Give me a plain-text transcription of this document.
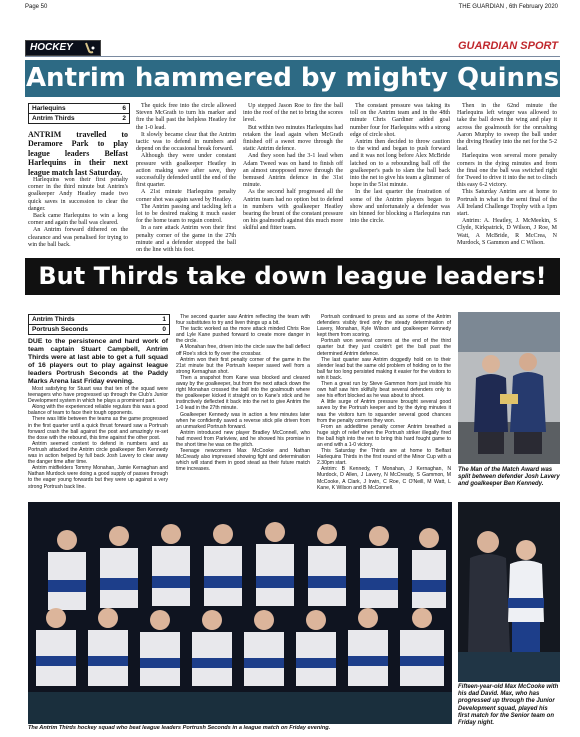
Page 50	THE GUARDIAN , 6th February 2020
HOCKEY	GUARDIAN SPORT
Antrim hammered by mighty Quinns
Harlequins	6
Antrim Thirds	2

ANTRIM travelled to Deramore Park to play league leaders Belfast Harlequins in their next league match last Saturday.

Harlequins won their first penalty corner in the third minute but Antrim's goalkeeper Andy Heatley made two quick saves in succession to clear the danger.

Back came Harlequins to win a long corner and again the ball was cleared.

An Antrim forward dithered on the clearance and was penalised for trying to win the ball back.

The quick free into the circle allowed Steven McGrath to turn his marker and fire the ball past the helpless Heatley for the 1-0 lead.

It slowly became clear that the Antrim tactic was to defend in numbers and depend on the occasional break forward.

Although they were under constant pressure with goalkeeper Heatley in action making save after save, they successfully defended until the end of the first quarter.

A 21st minute Harlequins penalty corner shot was again saved by Heatley.

The Antrim passing and tackling left a lot to be desired making it much easier for the home team to regain control.

In a rare attack Antrim won their first penalty corner of the game in the 27th minute and a defender stopped the ball on the line with his foot.

Up stepped Jason Roe to fire the ball into the roof of the net to bring the scores level.

But within two minutes Harlequins had retaken the lead again when McGrath finished off a sweet move through the static Antrim defence.

And they soon had the 3-1 lead when Adam Tweed was on hand to finish off an almost unopposed move through the bemused Antrim defence in the 31st minute.

As the second half progressed all the Antrim team had no option but to defend in numbers with goalkeeper Heatley bearing the brunt of the constant pressure on his goalmouth against this much more skilful and fitter team.

The constant pressure was taking its toll on the Antrim team and in the 48th minute Chris Gardiner added goal number four for Harlequins with a strong edge of circle shot.

Antrim then decided to throw caution to the wind and began to push forward and it was not long before Alex McBride latched on to a rebounding ball off the goalkeeper's pads to slam the ball back into the net to give his team a glimmer of hope in the 51st minute.

In the last quarter the frustration of some of the Antrim players began to show and unfortunately a defender was sin binned for blocking a Harlequins run into the circle.

Then in the 62nd minute the Harlequins left winger was allowed to take the ball down the wing and play it across the goalmouth for the onrushing Aaron Murphy to sweep the ball under the diving Heatley into the net for the 5-2 lead.

Harlequins won several more penalty corners in the dying minutes and from the final one the ball was switched right for Tweed to drive it into the net to clinch this easy 6-2 victory.

This Saturday Antrim are at home to Portrush in what is the semi final of the All Ireland Challenge Trophy with a 1pm start.

Antrim: A. Heatley, J. McMeekin, S Clyde, Kirkpatrick, D Wilson, J Roe, M Watt, A McBride, R McCrea, N Murdock, S Gammon and C Wilson.

But Thirds take down league leaders!
Antrim Thirds	1
Portrush Seconds	0

DUE to the persistence and hard work of team captain Stuart Campbell, Antrim Thirds were at last able to get a full squad of 16 players out to play against league leaders Portrush Seconds at the Paddy Marks Arena last Friday evening.

Most satisfying for Stuart was that ten of the squad were teenagers who have progressed up through the Club's Junior Development system in which he plays a prominent part.

Along with the experienced reliable regulars this was a good balance of team to face their tough opponents.

There was little between the teams as the game progressed in the first quarter until a quick thrust forward saw a Portrush forward crash the ball against the post and amazingly re-set the dose with the rebound, this time against the other post.

Antrim seemed content to defend in numbers and as Portrush attacked the Antrim circle goalkeeper Ben Kennedy was in action helped by full back Josh Lavery to clear away the danger time after time.

Antrim midfielders Tommy Monahan, Jamie Kernaghan and Nathan Murdock were doing a good supply of passes through to the eager young forwards but they were up against a very strong Portrush back line.

The second quarter saw Antrim reflecting the team with four substitutes to try and liven things up a bit.

The tactic worked as the more attack minded Chris Roe and Lyle Kane pushed forward to create more danger in the circle.

A Monahan free, driven into the circle saw the ball deflect off Roe's stick to fly over the crossbar.

Antrim won their first penalty corner of the game in the 21st minute but the Portrush keeper saved well from a strong Kernaghan shot.

Then a snapshot from Kane was blocked and cleared away by the goalkeeper, but from the next attack down the right Monahan crossed the ball into the goalmouth where the goalkeeper kicked it straight on to Kane's stick and he instinctively deflected it back into the net to give Antrim the 1-0 lead in the 27th minute.

Goalkeeper Kennedy was in action a few minutes later when he confidently saved a reverse stick pile driven from an unmarked Portrush forward.

Antrim introduced new player Bradley McConnell, who had moved from Parkview, and he showed his promise in the short time he was on the pitch.

Teenage newcomers Max McCooke and Nathan McCready also impressed showing fight and determination which will stand them in good stead as their future match time increases.

Portrush continued to press and as some of the Antrim defenders visibly tired only the steady determination of Lavery, Monahan, Kyle Wilson and goalkeeper Kennedy kept them from scoring.

Portrush won several corners at the end of the third quarter but they just couldn't get the ball past the determined Antrim defence.

The last quarter saw Antrim doggedly hold on to their slender lead but the same old problem of holding on to the ball far too long persisted making it easier for the visitors to win it back.

Then a great run by Steve Gammon from just inside his own half saw him skilfully beat several defenders only to see his effort blocked as he was about to shoot.

A little surge of Antrim pressure brought several good saves by the Portrush keeper and by the dying minutes it was the visitors turn to squander several good chances from the penalty corners they won.

From an addedtime penalty corner Antrim breathed a huge sigh of relief when the Portrush striker illegally fired the ball high into the net to bring this hard fought game to an end with a 1-0 victory.

This Saturday the Thirds are at home to Belfast Harlequins Thirds in the first round of the Minor Cup with a 2.30pm start.

Antrim: B Kennedy, T Monahan, J Kernaghan, N Murdock, D Allen, J Lavery, N McCready, S Gammon, M McCooke, A Clark, J Irwin, C Roe, C O'Neill, M Watt, L Kane, K Wilson and B McConnell.

The Man of the Match Award was split between defender Josh Lavery and goalkeeper Ben Kennedy.
The Antrim Thirds hockey squad who beat league leaders Portrush Seconds in a league match on Friday evening.
Fifteen-year-old Max McCooke with his dad David. Max, who has progressed up through the Junior Development squad, played his first match for the Senior team on Friday night.
